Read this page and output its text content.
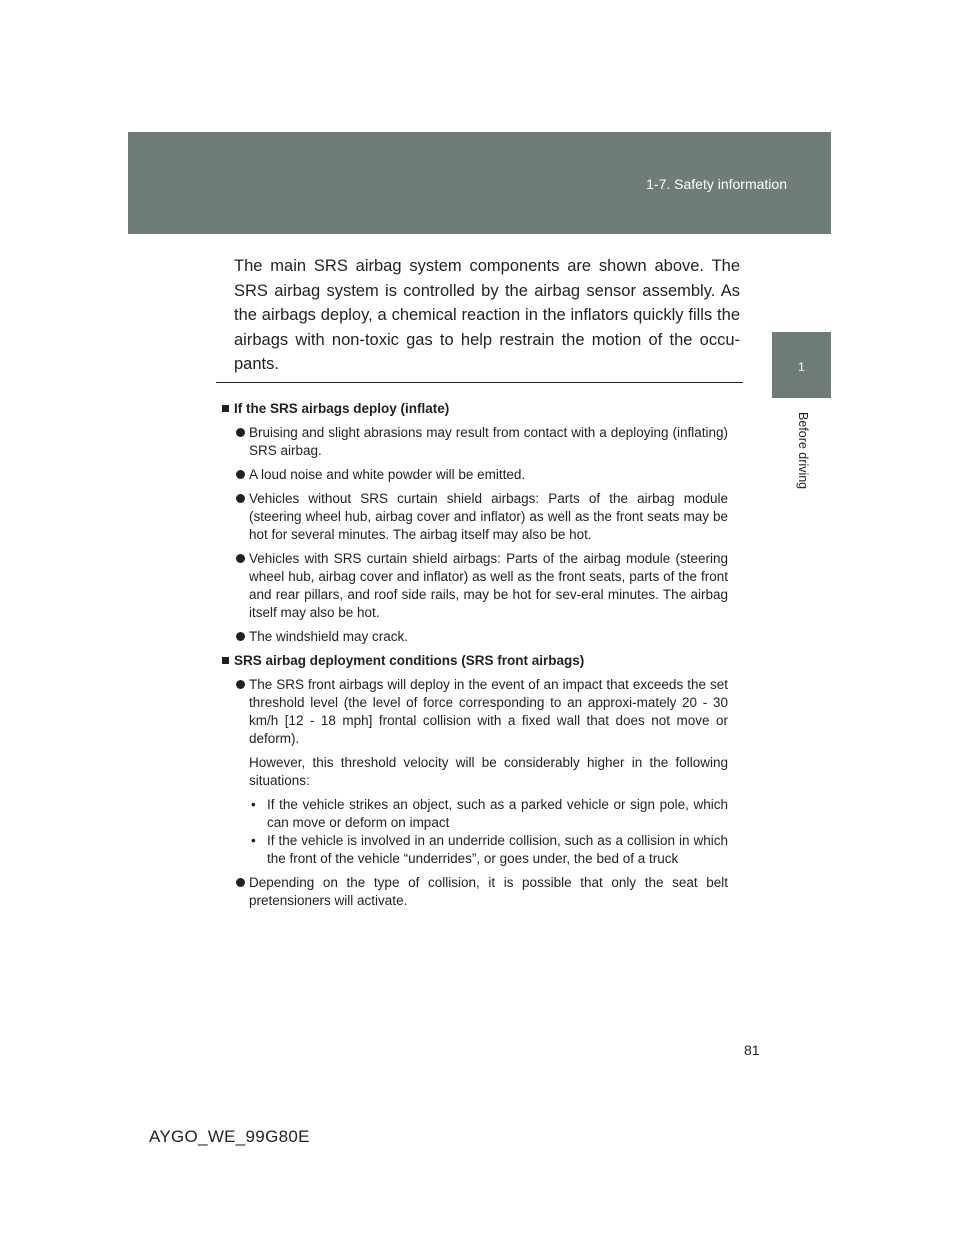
1-7. Safety information
1
Before driving
The main SRS airbag system components are shown above. The SRS airbag system is controlled by the airbag sensor assembly. As the airbags deploy, a chemical reaction in the inflators quickly fills the airbags with non-toxic gas to help restrain the motion of the occu-pants.
If the SRS airbags deploy (inflate)
Bruising and slight abrasions may result from contact with a deploying (inflating) SRS airbag.
A loud noise and white powder will be emitted.
Vehicles without SRS curtain shield airbags: Parts of the airbag module (steering wheel hub, airbag cover and inflator) as well as the front seats may be hot for several minutes. The airbag itself may also be hot.
Vehicles with SRS curtain shield airbags: Parts of the airbag module (steering wheel hub, airbag cover and inflator) as well as the front seats, parts of the front and rear pillars, and roof side rails, may be hot for sev-eral minutes. The airbag itself may also be hot.
The windshield may crack.
SRS airbag deployment conditions (SRS front airbags)
The SRS front airbags will deploy in the event of an impact that exceeds the set threshold level (the level of force corresponding to an approxi-mately 20 - 30 km/h [12 - 18 mph] frontal collision with a fixed wall that does not move or deform).
However, this threshold velocity will be considerably higher in the following situations:
• If the vehicle strikes an object, such as a parked vehicle or sign pole, which can move or deform on impact
• If the vehicle is involved in an underride collision, such as a collision in which the front of the vehicle “underrides”, or goes under, the bed of a truck
Depending on the type of collision, it is possible that only the seat belt pretensioners will activate.
81
AYGO_WE_99G80E
